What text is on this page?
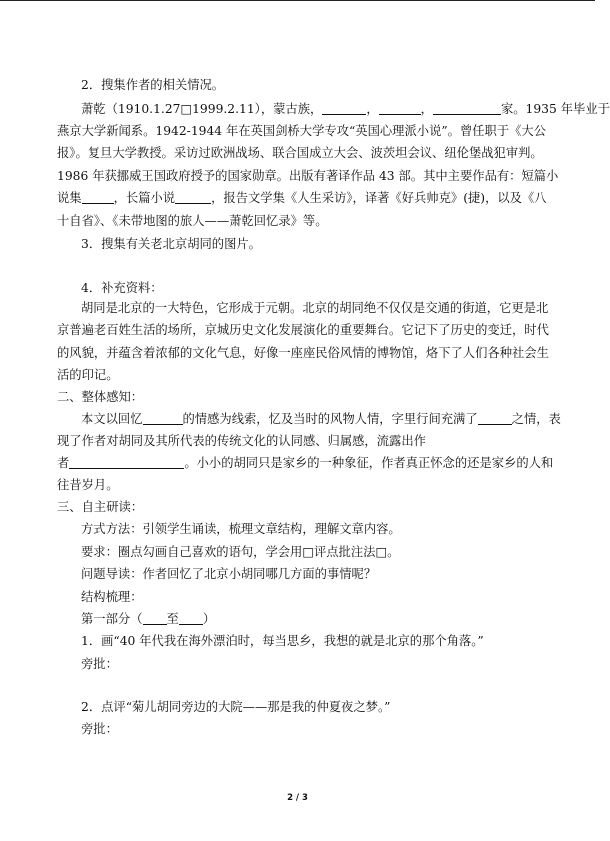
2．搜集作者的相关情况。
萧乾（1910.1.27□1999.2.11），蒙古族，	，	，	家。1935 年毕业于
燕京大学新闻系。1942-1944 年在英国剑桥大学专攻“英国心理派小说”。曾任职于《大公
报》。复旦大学教授。采访过欧洲战场、联合国成立大会、波茨坦会议、纽伦堡战犯审判。
1986 年获挪威王国政府授予的国家勋章。出版有著译作品 43 部。其中主要作品有：短篇小
说集	，长篇小说	，报告文学集《人生采访》，译著《好兵帅克》(捷)，以及《八
十自省》、《未带地图的旅人——萧乾回忆录》等。
3．搜集有关老北京胡同的图片。
4．补充资料：
胡同是北京的一大特色，它形成于元朝。北京的胡同绝不仅仅是交通的街道，它更是北
京普遍老百姓生活的场所，京城历史文化发展演化的重要舞台。它记下了历史的变迁，时代
的风貌，并蕴含着浓郁的文化气息，好像一座座民俗风情的博物馆，烙下了人们各种社会生
活的印记。
二、整体感知：
本文以回忆	的情感为线索，忆及当时的风物人情，字里行间充满了	之情，表
现了作者对胡同及其所代表的传统文化的认同感、归属感，流露出作
者	。小小的胡同只是家乡的一种象征，作者真正怀念的还是家乡的人和
往昔岁月。
三、自主研读：
方式方法：引领学生诵读，梳理文章结构，理解文章内容。
要求：圈点勾画自己喜欢的语句，学会用□评点批注法□。
问题导读：作者回忆了北京小胡同哪几方面的事情呢？
结构梳理：
第一部分（ 至 ）
1．画“40 年代我在海外漂泊时，每当思乡，我想的就是北京的那个角落。”
旁批：
2．点评“菊儿胡同旁边的大院——那是我的仲夏夜之梦。”
旁批：
2 / 3
